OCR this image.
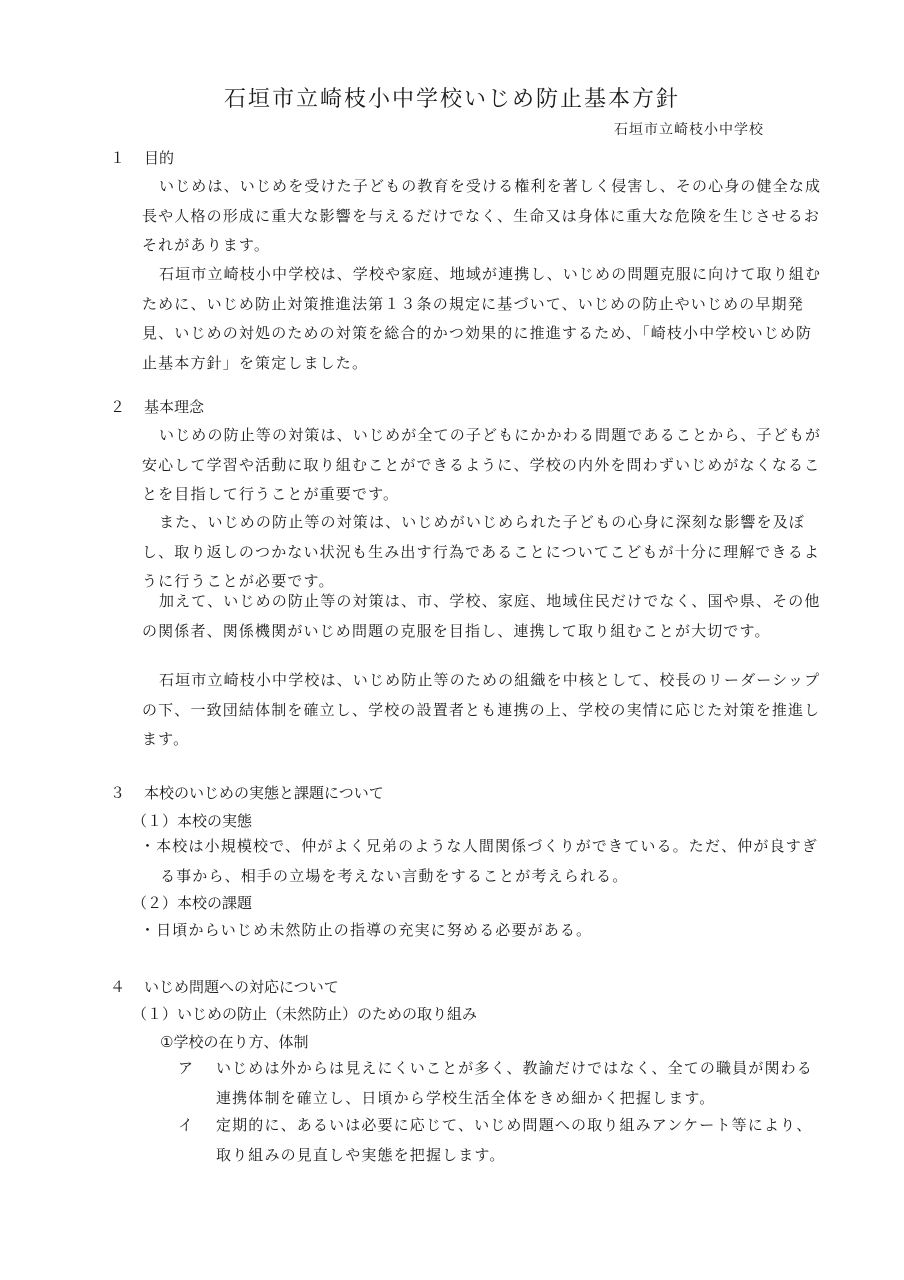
石垣市立崎枝小中学校いじめ防止基本方針
石垣市立崎枝小中学校
１ 目的
いじめは、いじめを受けた子どもの教育を受ける権利を著しく侵害し、その心身の健全な成長や人格の形成に重大な影響を与えるだけでなく、生命又は身体に重大な危険を生じさせるおそれがあります。
石垣市立崎枝小中学校は、学校や家庭、地域が連携し、いじめの問題克服に向けて取り組むために、いじめ防止対策推進法第１３条の規定に基づいて、いじめの防止やいじめの早期発見、いじめの対処のための対策を総合的かつ効果的に推進するため、「崎枝小中学校いじめ防止基本方針」を策定しました。
２ 基本理念
いじめの防止等の対策は、いじめが全ての子どもにかかわる問題であることから、子どもが安心して学習や活動に取り組むことができるように、学校の内外を問わずいじめがなくなることを目指して行うことが重要です。
また、いじめの防止等の対策は、いじめがいじめられた子どもの心身に深刻な影響を及ぼし、取り返しのつかない状況も生み出す行為であることについてこどもが十分に理解できるように行うことが必要です。
加えて、いじめの防止等の対策は、市、学校、家庭、地域住民だけでなく、国や県、その他の関係者、関係機関がいじめ問題の克服を目指し、連携して取り組むことが大切です。
石垣市立崎枝小中学校は、いじめ防止等のための組織を中核として、校長のリーダーシップの下、一致団結体制を確立し、学校の設置者とも連携の上、学校の実情に応じた対策を推進します。
３ 本校のいじめの実態と課題について
（１）本校の実態
・本校は小規模校で、仲がよく兄弟のような人間関係づくりができている。ただ、仲が良すぎる事から、相手の立場を考えない言動をすることが考えられる。
（２）本校の課題
・日頃からいじめ未然防止の指導の充実に努める必要がある。
４ いじめ問題への対応について
（１）いじめの防止（未然防止）のための取り組み
①学校の在り方、体制
ア いじめは外からは見えにくいことが多く、教諭だけではなく、全ての職員が関わる連携体制を確立し、日頃から学校生活全体をきめ細かく把握します。
イ 定期的に、あるいは必要に応じて、いじめ問題への取り組みアンケート等により、取り組みの見直しや実態を把握します。
